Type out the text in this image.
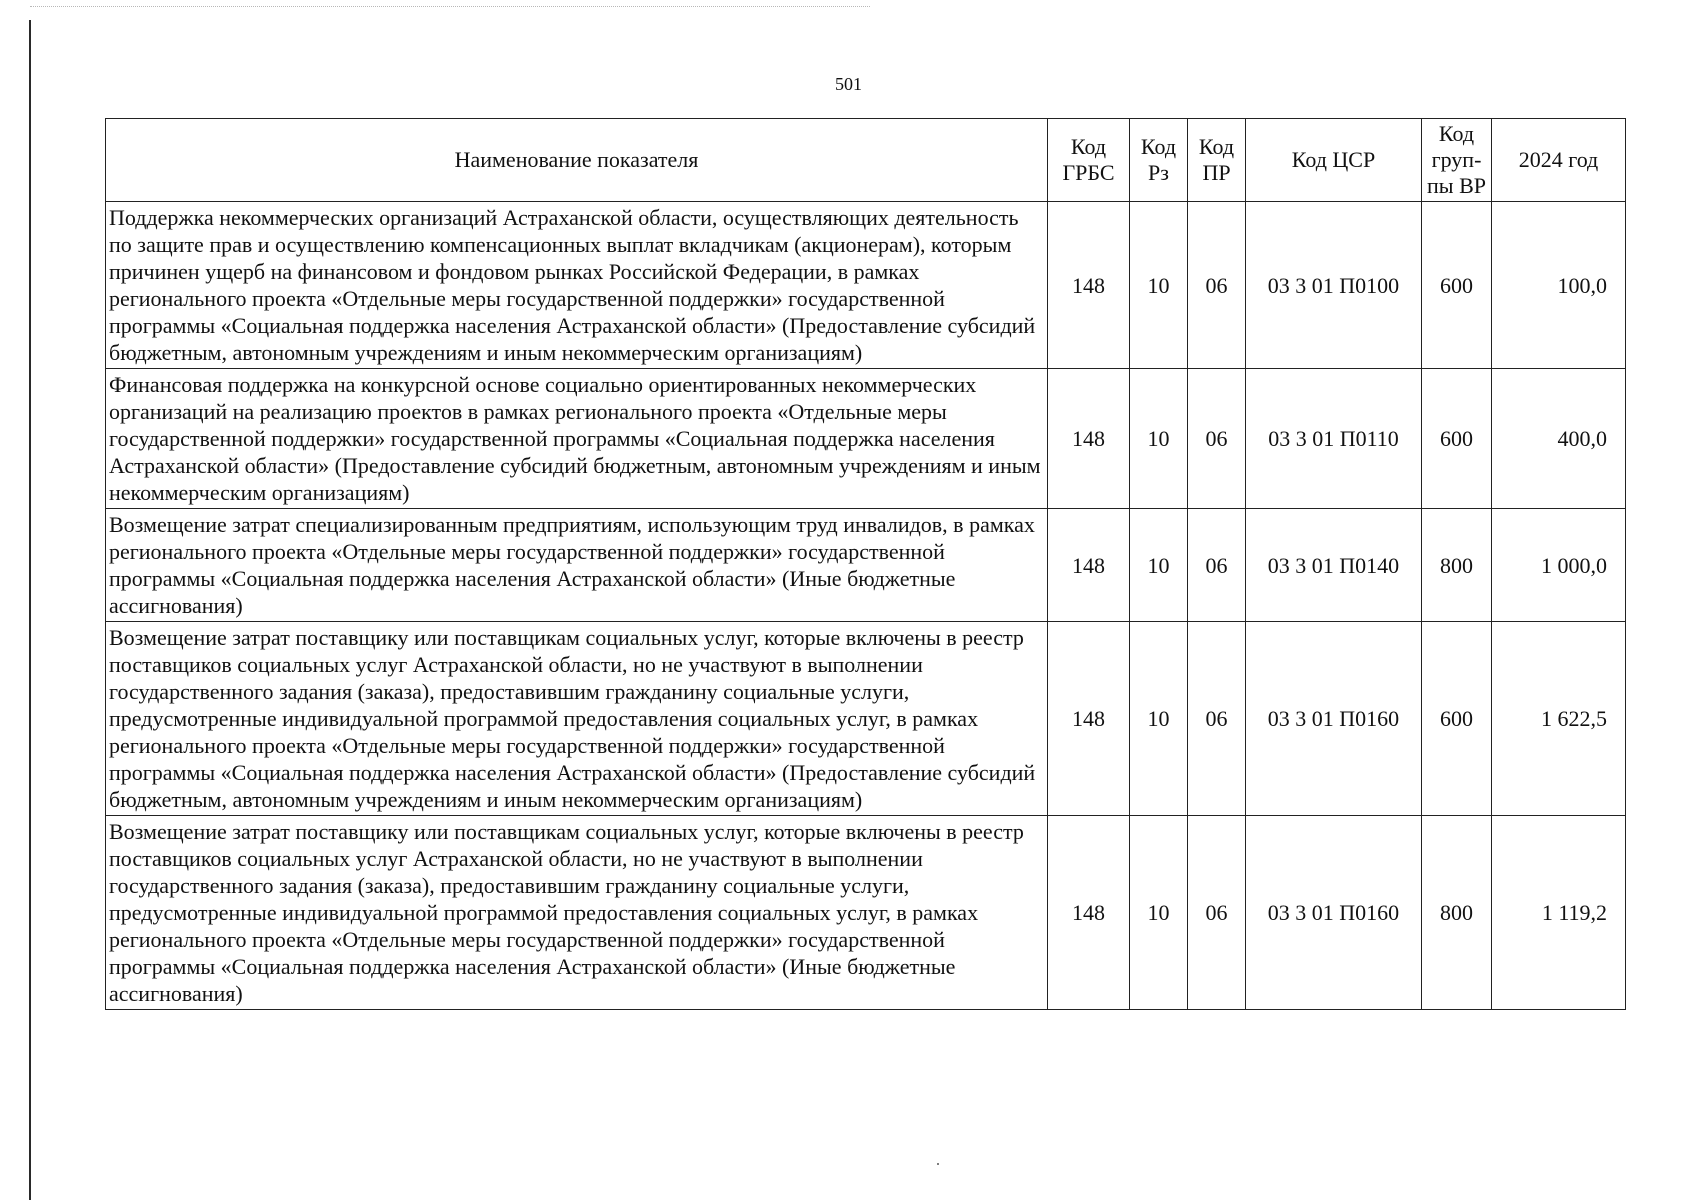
501
Наименование показателя	Код ГРБС	Код Рз	Код ПР	Код ЦСР	Код груп-пы ВР	2024 год
Поддержка некоммерческих организаций Астраханской области, осуществляющих деятельность по защите прав и осуществлению компенсационных выплат вкладчикам (акционерам), которым причинен ущерб на финансовом и фондовом рынках Российской Федерации, в рамках регионального проекта «Отдельные меры государственной поддержки» государственной программы «Социальная поддержка населения Астраханской области» (Предоставление субсидий бюджетным, автономным учреждениям и иным некоммерческим организациям)	148	10	06	03 3 01 П0100	600	100,0
Финансовая поддержка на конкурсной основе социально ориентированных некоммерческих организаций на реализацию проектов в рамках регионального проекта «Отдельные меры государственной поддержки» государственной программы «Социальная поддержка населения Астраханской области» (Предоставление субсидий бюджетным, автономным учреждениям и иным некоммерческим организациям)	148	10	06	03 3 01 П0110	600	400,0
Возмещение затрат специализированным предприятиям, использующим труд инвалидов, в рамках регионального проекта «Отдельные меры государственной поддержки» государственной программы «Социальная поддержка населения Астраханской области» (Иные бюджетные ассигнования)	148	10	06	03 3 01 П0140	800	1 000,0
Возмещение затрат поставщику или поставщикам социальных услуг, которые включены в реестр поставщиков социальных услуг Астраханской области, но не участвуют в выполнении государственного задания (заказа), предоставившим гражданину социальные услуги, предусмотренные индивидуальной программой предоставления социальных услуг, в рамках регионального проекта «Отдельные меры государственной поддержки» государственной программы «Социальная поддержка населения Астраханской области» (Предоставление субсидий бюджетным, автономным учреждениям и иным некоммерческим организациям)	148	10	06	03 3 01 П0160	600	1 622,5
Возмещение затрат поставщику или поставщикам социальных услуг, которые включены в реестр поставщиков социальных услуг Астраханской области, но не участвуют в выполнении государственного задания (заказа), предоставившим гражданину социальные услуги, предусмотренные индивидуальной программой предоставления социальных услуг, в рамках регионального проекта «Отдельные меры государственной поддержки» государственной программы «Социальная поддержка населения Астраханской области» (Иные бюджетные ассигнования)	148	10	06	03 3 01 П0160	800	1 119,2
